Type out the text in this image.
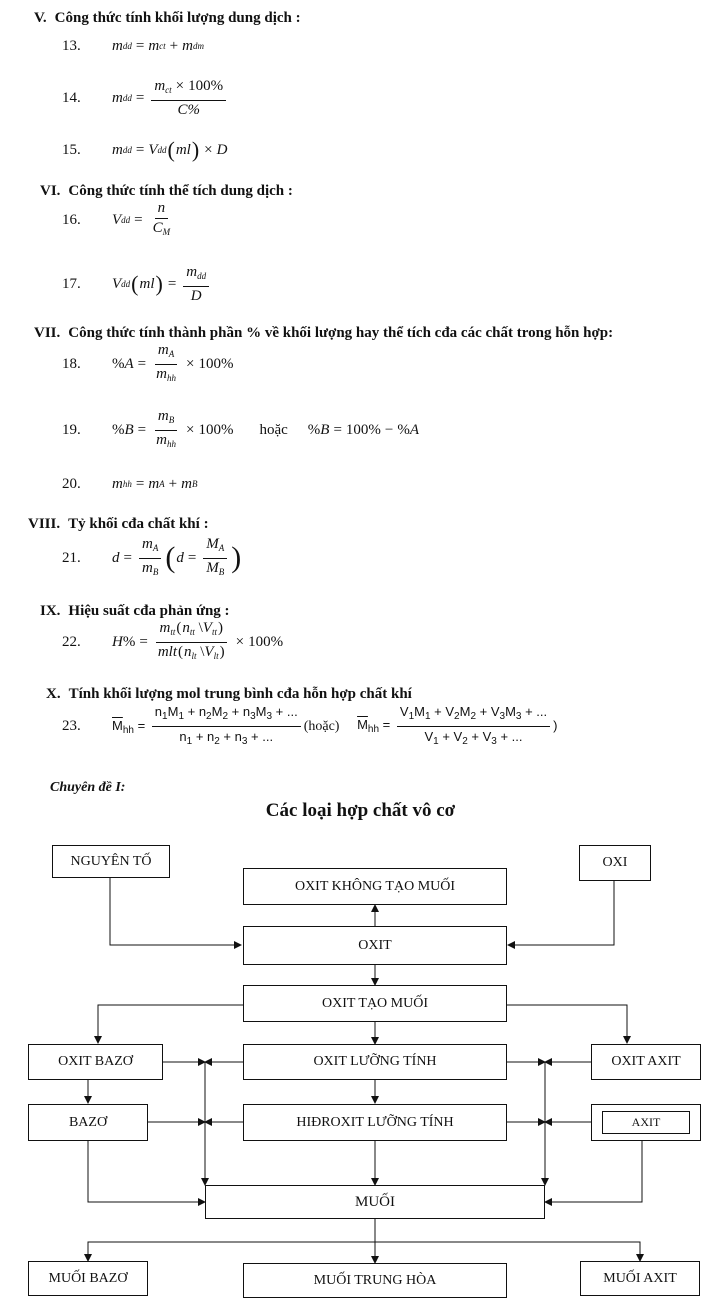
V. Công thức tính khối lượng dung dịch :
13.	m dd = m ct + m dm
14.	m dd = $\frac{m_{ct} \times 100\%}{C\%}$
15.	m dd = V dd ( ml ) × D
VI. Công thức tính thể tích dung dịch :
16.	V dd = $\frac{n}{C_M}$
17.	V dd ( ml ) = $\frac{m_{dd}}{D}$
VII. Công thức tính thành phần % về khối lượng hay thể tích cđa các chất trong hỗn hợp:
18.	% $A = \frac{m_A}{m_{hh}} \times 100\%$
19.	% $B = \frac{m_B}{m_{hh}} \times 100\%$ hoặc % B = 100% − % A
20.	m hh = m A + m B
VIII. Tỷ khối cđa chất khí :
21.	$d = \frac{m_A}{m_B}$ ( $d = \frac{M_A}{M_B}$ )
IX. Hiệu suất cđa phản ứng :
22.	H % = $\frac{m_{tt}(n_{tt} \backslash V_{tt})}{mlt(n_{lt} \backslash V_{lt})} \times 100\%$
X. Tính khối lượng mol trung bình cđa hỗn hợp chất khí
23.	$\overline{M}_{hh} = \frac{n_1M_1 + n_2M_2 + n_3M_3 + ...}{n_1 + n_2 + n_3 + ...}$ (hoặc) $\overline{M}_{hh} = \frac{V_1M_1 + V_2M_2 + V_3M_3 + ...}{V_1 + V_2 + V_3 + ...}$ )
Chuyên đề I:
Các loại hợp chất vô cơ
NGUYÊN TỐ	OXI
OXIT KHÔNG TẠO MUỐI
OXIT
OXIT TẠO MUỐI
OXIT BAZƠ	OXIT LƯỠNG TÍNH	OXIT AXIT
BAZƠ	HIĐROXIT LƯỠNG TÍNH	AXIT
MUỐI
MUỐI BAZƠ	MUỐI TRUNG HÒA	MUỐI AXIT
